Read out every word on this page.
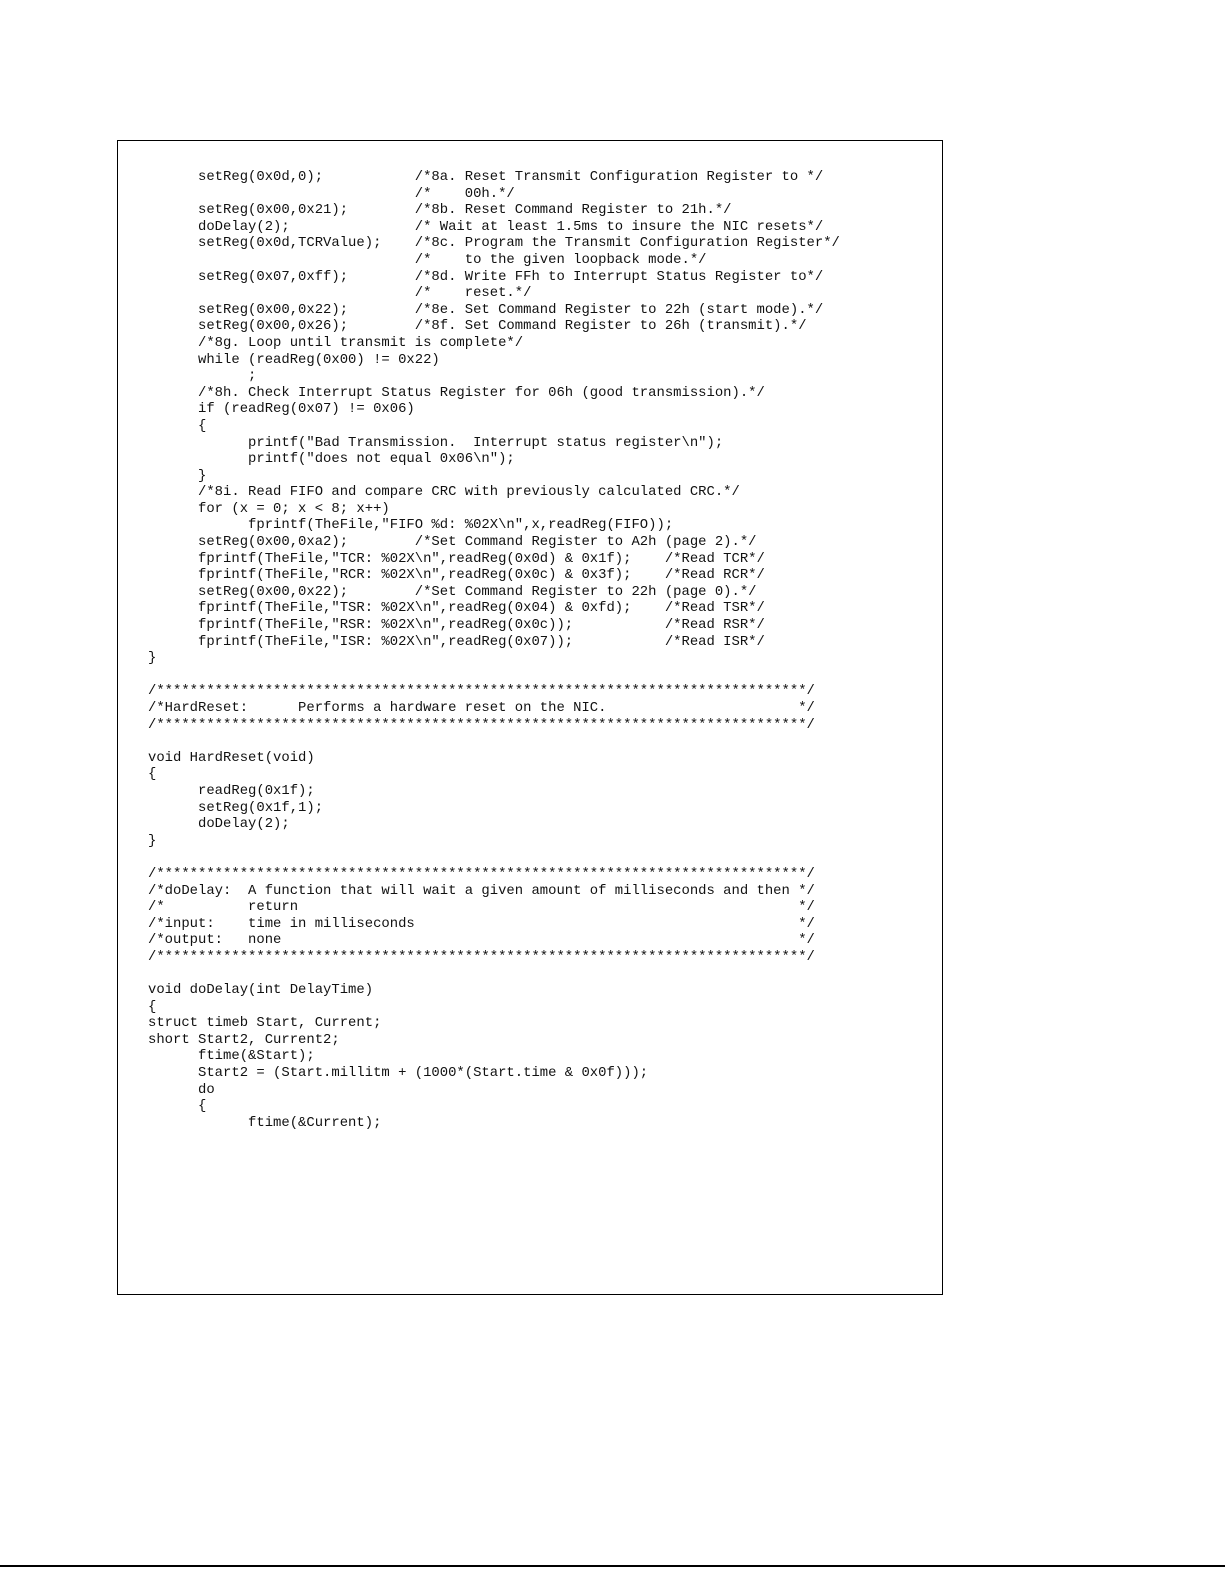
setReg(0x0d,0);           /*8a. Reset Transmit Configuration Register to */
/*    00h.*/
setReg(0x00,0x21);        /*8b. Reset Command Register to 21h.*/
doDelay(2);               /* Wait at least 1.5ms to insure the NIC resets*/
setReg(0x0d,TCRValue);    /*8c. Program the Transmit Configuration Register*/
/*    to the given loopback mode.*/
setReg(0x07,0xff);        /*8d. Write FFh to Interrupt Status Register to*/
/*    reset.*/
setReg(0x00,0x22);        /*8e. Set Command Register to 22h (start mode).*/
setReg(0x00,0x26);        /*8f. Set Command Register to 26h (transmit).*/
/*8g. Loop until transmit is complete*/
while (readReg(0x00) != 0x22)
;
/*8h. Check Interrupt Status Register for 06h (good transmission).*/
if (readReg(0x07) != 0x06)
{
printf("Bad Transmission.  Interrupt status register\n");
printf("does not equal 0x06\n");
}
/*8i. Read FIFO and compare CRC with previously calculated CRC.*/
for (x = 0; x < 8; x++)
fprintf(TheFile,"FIFO %d: %02X\n",x,readReg(FIFO));
setReg(0x00,0xa2);        /*Set Command Register to A2h (page 2).*/
fprintf(TheFile,"TCR: %02X\n",readReg(0x0d) & 0x1f);    /*Read TCR*/
fprintf(TheFile,"RCR: %02X\n",readReg(0x0c) & 0x3f);    /*Read RCR*/
setReg(0x00,0x22);        /*Set Command Register to 22h (page 0).*/
fprintf(TheFile,"TSR: %02X\n",readReg(0x04) & 0xfd);    /*Read TSR*/
fprintf(TheFile,"RSR: %02X\n",readReg(0x0c));           /*Read RSR*/
fprintf(TheFile,"ISR: %02X\n",readReg(0x07));           /*Read ISR*/
}
/******************************************************************************/
/*HardReset:      Performs a hardware reset on the NIC.                       */
/******************************************************************************/
void HardReset(void)
{
readReg(0x1f);
setReg(0x1f,1);
doDelay(2);
}
/******************************************************************************/
/*doDelay:  A function that will wait a given amount of milliseconds and then */
/*          return                                                            */
/*input:    time in milliseconds                                              */
/*output:   none                                                              */
/******************************************************************************/
void doDelay(int DelayTime)
{
struct timeb Start, Current;
short Start2, Current2;
ftime(&Start);
Start2 = (Start.millitm + (1000*(Start.time & 0x0f)));
do
{
ftime(&Current);
